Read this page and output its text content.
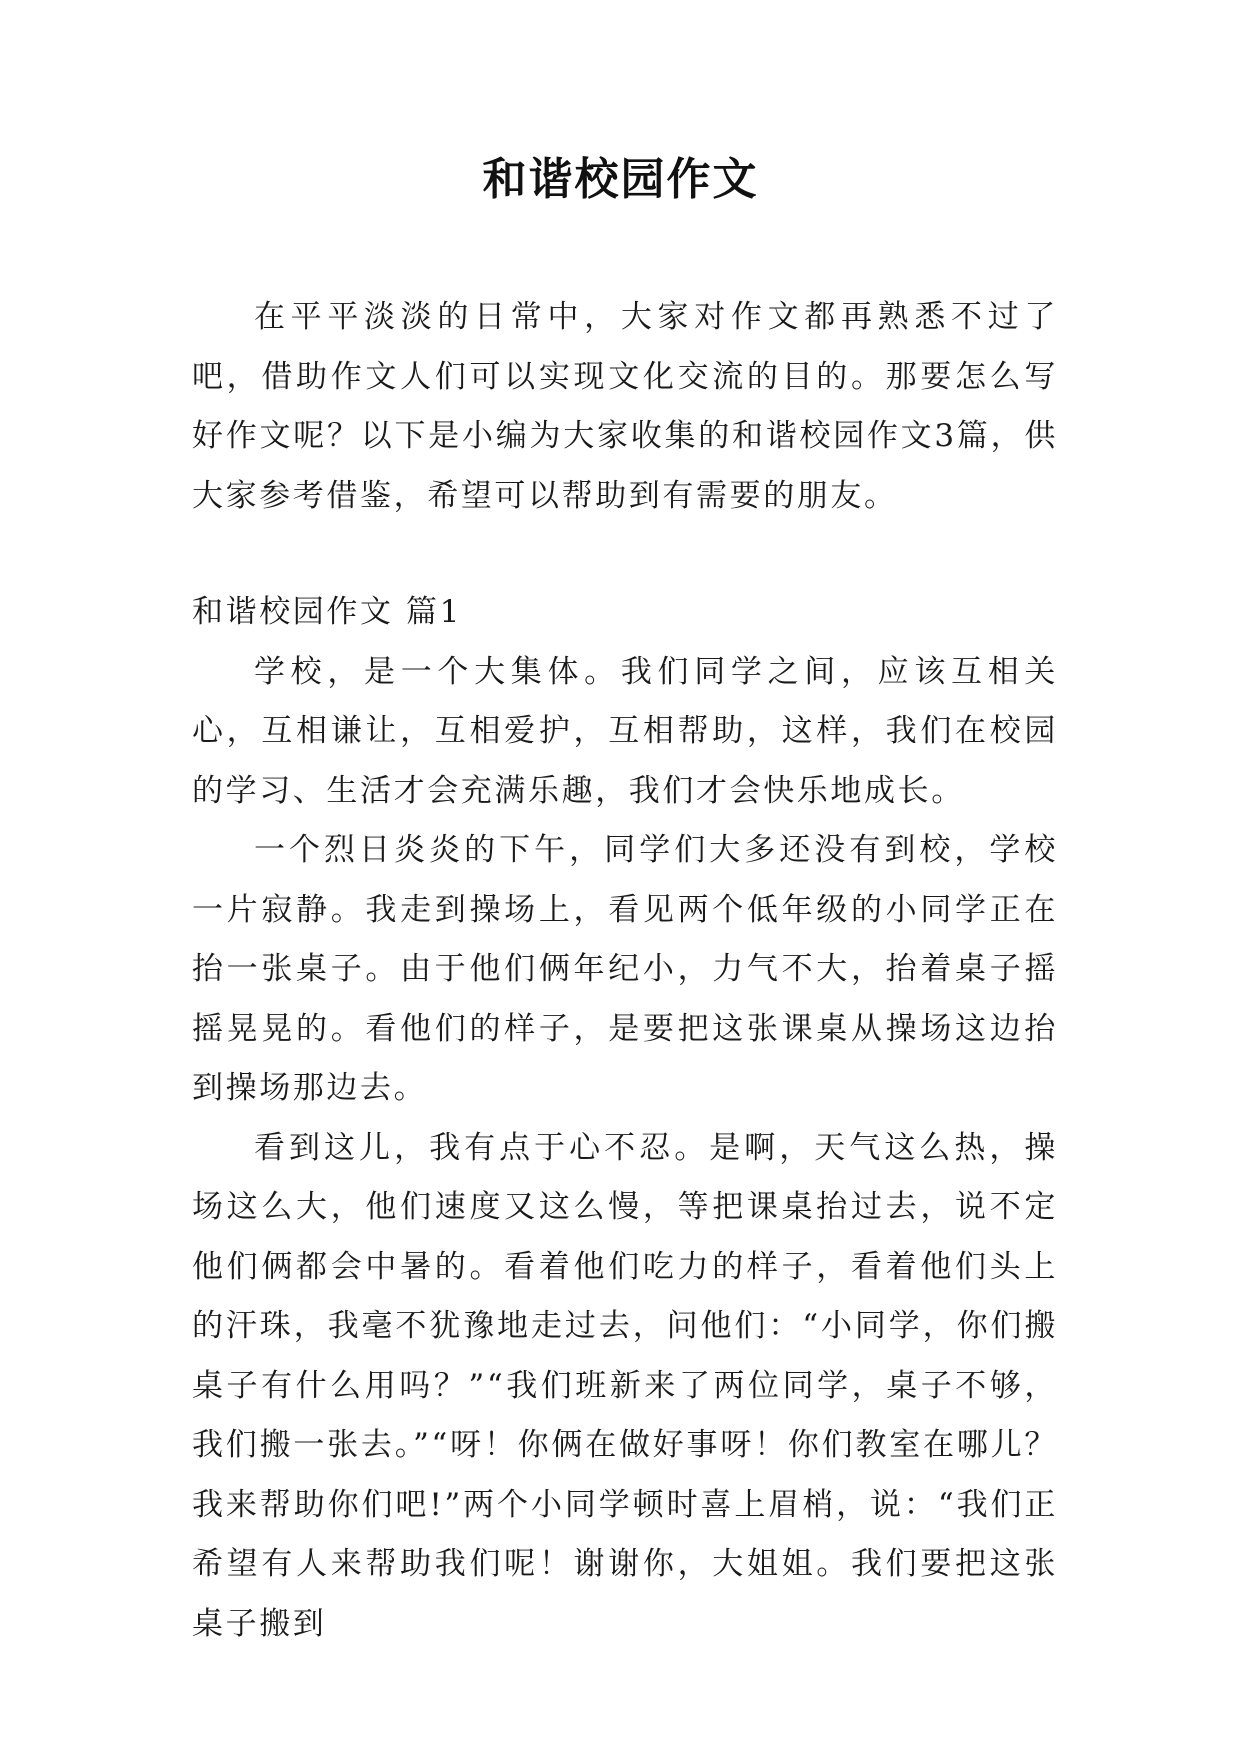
和谐校园作文

在平平淡淡的日常中，大家对作文都再熟悉不过了吧，借助作文人们可以实现文化交流的目的。那要怎么写好作文呢？以下是小编为大家收集的和谐校园作文3篇，供大家参考借鉴，希望可以帮助到有需要的朋友。

和谐校园作文 篇1

学校，是一个大集体。我们同学之间，应该互相关心，互相谦让，互相爱护，互相帮助，这样，我们在校园的学习、生活才会充满乐趣，我们才会快乐地成长。

一个烈日炎炎的下午，同学们大多还没有到校，学校一片寂静。我走到操场上，看见两个低年级的小同学正在抬一张桌子。由于他们俩年纪小，力气不大，抬着桌子摇摇晃晃的。看他们的样子，是要把这张课桌从操场这边抬到操场那边去。

看到这儿，我有点于心不忍。是啊，天气这么热，操场这么大，他们速度又这么慢，等把课桌抬过去，说不定他们俩都会中暑的。看着他们吃力的样子，看着他们头上的汗珠，我毫不犹豫地走过去，问他们：“小同学，你们搬桌子有什么用吗？”“我们班新来了两位同学，桌子不够，我们搬一张去。”“呀！你俩在做好事呀！你们教室在哪儿？我来帮助你们吧!”两个小同学顿时喜上眉梢，说：“我们正希望有人来帮助我们呢！谢谢你，大姐姐。我们要把这张桌子搬到
